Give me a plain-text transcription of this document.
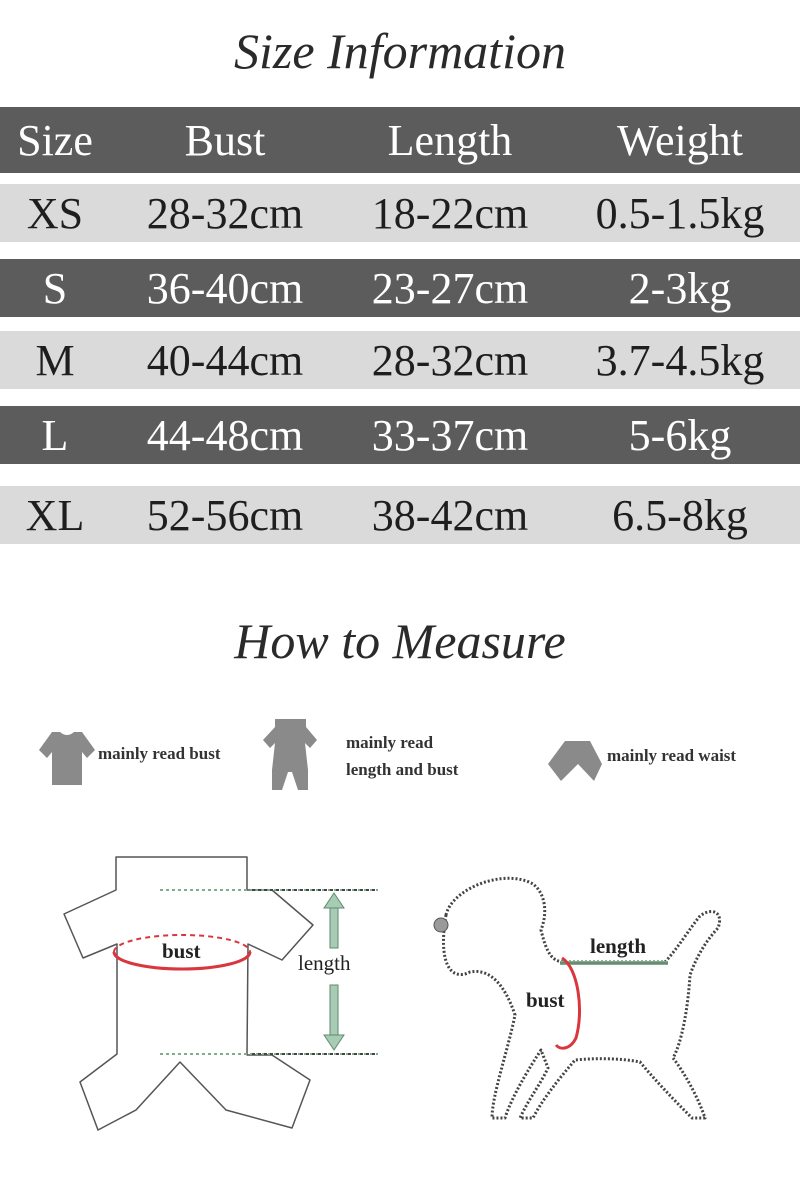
Size Information
Size	Bust	Length	Weight
XS	28-32cm	18-22cm	0.5-1.5kg
S	36-40cm	23-27cm	2-3kg
M	40-44cm	28-32cm	3.7-4.5kg
L	44-48cm	33-37cm	5-6kg
XL	52-56cm	38-42cm	6.5-8kg
How to Measure
mainly read bust
mainly read
length and bust
mainly read waist
bust	length
length
bust
